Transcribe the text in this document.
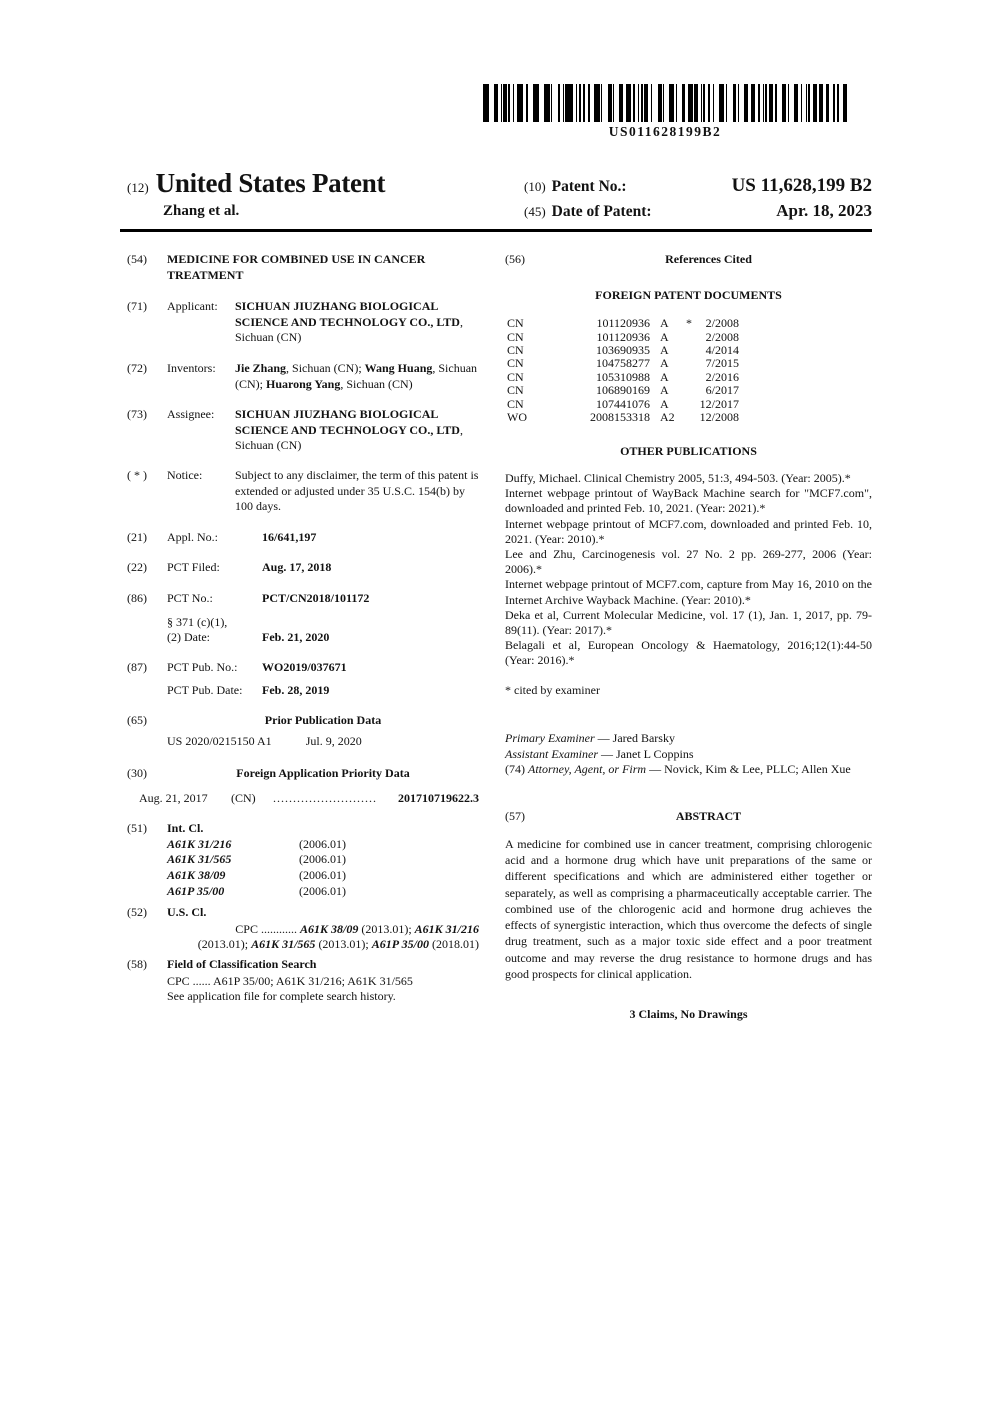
US011628199B2
(12) United States Patent
Zhang et al.
(10) Patent No.:	US 11,628,199 B2
(45) Date of Patent:	Apr. 18, 2023
(54)	MEDICINE FOR COMBINED USE IN CANCER TREATMENT
(71)	Applicant:	SICHUAN JIUZHANG BIOLOGICAL SCIENCE AND TECHNOLOGY CO., LTD, Sichuan (CN)
(72)	Inventors:	Jie Zhang, Sichuan (CN); Wang Huang, Sichuan (CN); Huarong Yang, Sichuan (CN)
(73)	Assignee:	SICHUAN JIUZHANG BIOLOGICAL SCIENCE AND TECHNOLOGY CO., LTD, Sichuan (CN)
( * )	Notice:	Subject to any disclaimer, the term of this patent is extended or adjusted under 35 U.S.C. 154(b) by 100 days.
(21)	Appl. No.:	16/641,197
(22)	PCT Filed:	Aug. 17, 2018
(86)	PCT No.:	PCT/CN2018/101172
§ 371 (c)(1),
(2) Date:	Feb. 21, 2020
(87)	PCT Pub. No.:	WO2019/037671
PCT Pub. Date:	Feb. 28, 2019
(65)	Prior Publication Data
US 2020/0215150 A1	Jul. 9, 2020
(30)	Foreign Application Priority Data
Aug. 21, 2017	(CN)	..........................	201710719622.3
(51)	Int. Cl.
A61K 31/216	(2006.01)
A61K 31/565	(2006.01)
A61K 38/09	(2006.01)
A61P 35/00	(2006.01)
(52)	U.S. Cl.
CPC ............ A61K 38/09 (2013.01); A61K 31/216 (2013.01); A61K 31/565 (2013.01); A61P 35/00 (2018.01)
(58)	Field of Classification Search
CPC ...... A61P 35/00; A61K 31/216; A61K 31/565
See application file for complete search history.
(56)	References Cited
FOREIGN PATENT DOCUMENTS
CN	101120936 A	*	2/2008
CN	101120936 A	2/2008
CN	103690935 A	4/2014
CN	104758277 A	7/2015
CN	105310988 A	2/2016
CN	106890169 A	6/2017
CN	107441076 A	12/2017
WO	2008153318 A2	12/2008
OTHER PUBLICATIONS

Duffy, Michael. Clinical Chemistry 2005, 51:3, 494-503. (Year: 2005).*

Internet webpage printout of WayBack Machine search for "MCF7.com", downloaded and printed Feb. 10, 2021. (Year: 2021).*

Internet webpage printout of MCF7.com, downloaded and printed Feb. 10, 2021. (Year: 2010).*

Lee and Zhu, Carcinogenesis vol. 27 No. 2 pp. 269-277, 2006 (Year: 2006).*

Internet webpage printout of MCF7.com, capture from May 16, 2010 on the Internet Archive Wayback Machine. (Year: 2010).*

Deka et al, Current Molecular Medicine, vol. 17 (1), Jan. 1, 2017, pp. 79-89(11). (Year: 2017).*

Belagali et al, European Oncology & Haematology, 2016;12(1):44-50 (Year: 2016).*

* cited by examiner

Primary Examiner — Jared Barsky

Assistant Examiner — Janet L Coppins

(74) Attorney, Agent, or Firm — Novick, Kim & Lee, PLLC; Allen Xue

(57)	ABSTRACT

A medicine for combined use in cancer treatment, comprising chlorogenic acid and a hormone drug which have unit preparations of the same or different specifications and which are administered either together or separately, as well as comprising a pharmaceutically acceptable carrier. The combined use of the chlorogenic acid and hormone drug achieves the effects of synergistic interaction, which thus overcome the defects of single drug treatment, such as a major toxic side effect and a poor treatment outcome and may reverse the drug resistance to hormone drugs and has good prospects for clinical application.

3 Claims, No Drawings
